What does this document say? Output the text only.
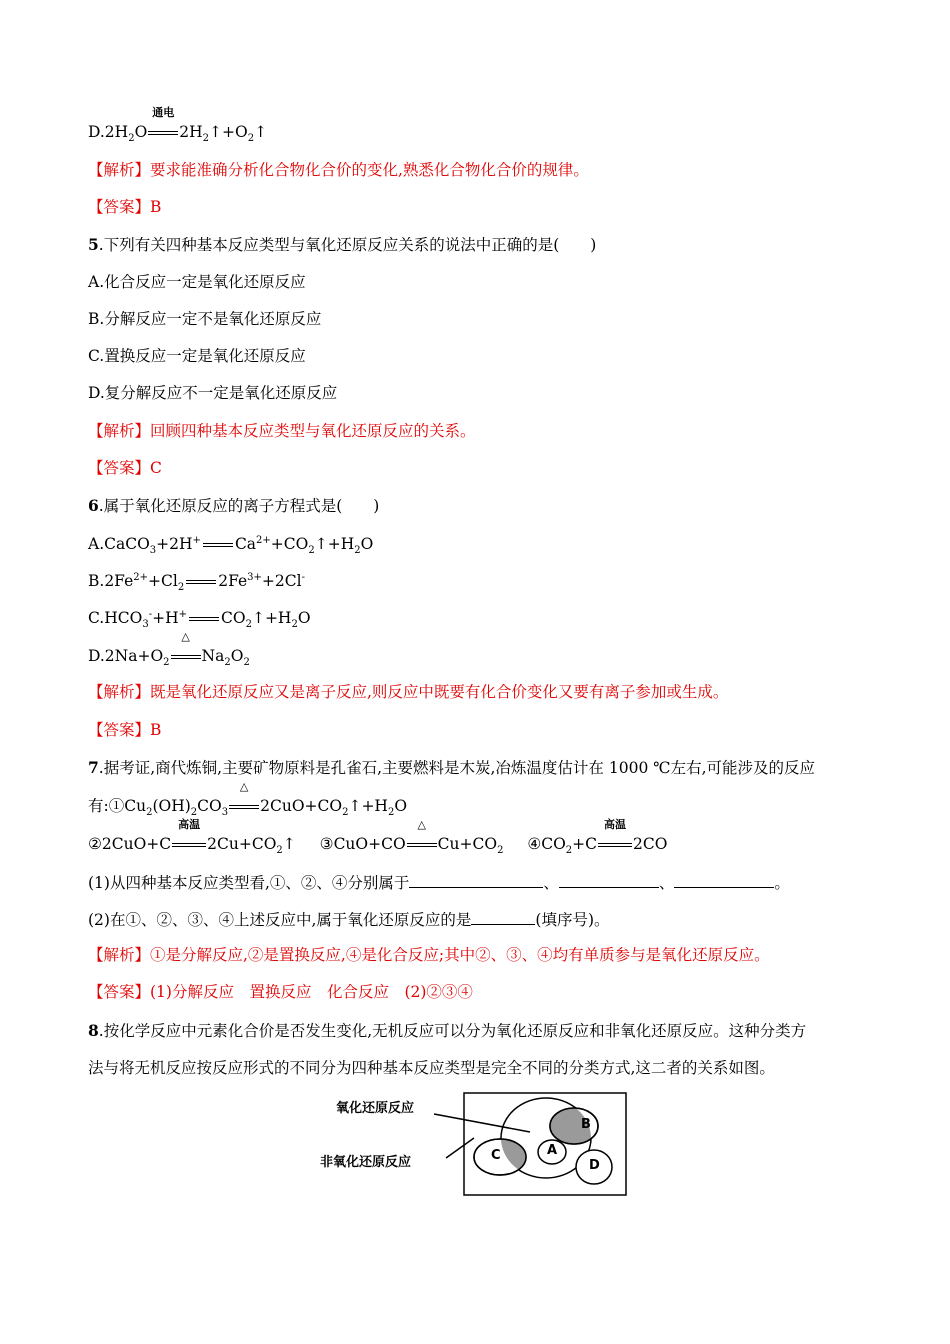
$D.2H_2O$
通电
$2H_2↑+O_2↑$
【解析】要求能准确分析化合物化合价的变化,熟悉化合物化合价的规律。
【答案】B
5.下列有关四种基本反应类型与氧化还原反应关系的说法中正确的是(　　)
A.化合反应一定是氧化还原反应
B.分解反应一定不是氧化还原反应
C.置换反应一定是氧化还原反应
D.复分解反应不一定是氧化还原反应
【解析】回顾四种基本反应类型与氧化还原反应的关系。
【答案】C
6.属于氧化还原反应的离子方程式是(　　)
A.CaCO$_3$+2H+ $Ca^{2+}+CO_2↑+H_2O$
$B.2Fe^{2+}+Cl_2$ $2Fe^{3+}+2Cl^-$
$C.HCO_3^-+H^+$ $CO_2↑+H_2O$
$D.2Na+O_2$
△
$Na_2O_2$
【解析】既是氧化还原反应又是离子反应,则反应中既要有化合价变化又要有离子参加或生成。
【答案】B
7.据考证,商代炼铜,主要矿物原料是孔雀石,主要燃料是木炭,冶炼温度估计在 1000 ℃左右,可能涉及的反应
有$:①Cu_2(OH)_2CO_3$
△
$2CuO+CO_2↑+H_2O$
②2CuO+C
高温
$2Cu+CO_2↑$ ③CuO+CO
△
$Cu+CO_2$ $④CO_2+C$
高温
2CO
(1)从四种基本反应类型看,①、②、④分别属于	、	、	。
(2)在①、②、③、④上述反应中,属于氧化还原反应的是	(填序号)。
【解析】①是分解反应,②是置换反应,④是化合反应;其中②、③、④均有单质参与是氧化还原反应。
【答案】(1)分解反应　置换反应　化合反应　(2)②③④
8.按化学反应中元素化合价是否发生变化,无机反应可以分为氧化还原反应和非氧化还原反应。这种分类方
法与将无机反应按反应形式的不同分为四种基本反应类型是完全不同的分类方式,这二者的关系如图。
氧化还原反应
非氧化还原反应
B
C	A
D
